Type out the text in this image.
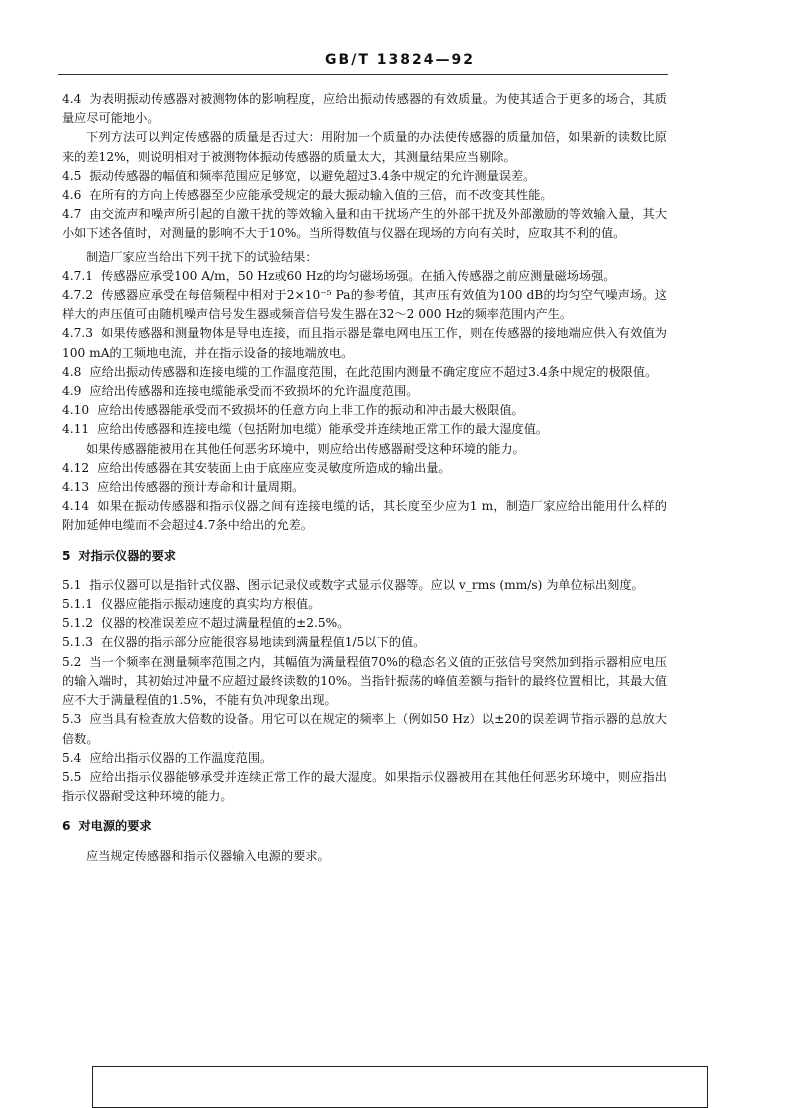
GB/T 13824—92

4.4 为表明振动传感器对被测物体的影响程度，应给出振动传感器的有效质量。为使其适合于更多的场合，其质量应尽可能地小。

下列方法可以判定传感器的质量是否过大：用附加一个质量的办法使传感器的质量加倍，如果新的读数比原来的差12%，则说明相对于被测物体振动传感器的质量太大，其测量结果应当剔除。

4.5 振动传感器的幅值和频率范围应足够宽，以避免超过3.4条中规定的允许测量误差。

4.6 在所有的方向上传感器至少应能承受规定的最大振动输入值的三倍，而不改变其性能。

4.7 由交流声和噪声所引起的自激干扰的等效输入量和由干扰场产生的外部干扰及外部激励的等效输入量，其大小如下述各值时，对测量的影响不大于10%。当所得数值与仪器在现场的方向有关时，应取其不利的值。

制造厂家应当给出下列干扰下的试验结果：

4.7.1 传感器应承受100 A/m，50 Hz或60 Hz的均匀磁场场强。在插入传感器之前应测量磁场场强。

4.7.2 传感器应承受在每倍频程中相对于2×10⁻⁵ Pa的参考值，其声压有效值为100 dB的均匀空气噪声场。这样大的声压值可由随机噪声信号发生器或频音信号发生器在32～2 000 Hz的频率范围内产生。

4.7.3 如果传感器和测量物体是导电连接，而且指示器是靠电网电压工作，则在传感器的接地端应供入有效值为100 mA的工频地电流，并在指示设备的接地端放电。

4.8 应给出振动传感器和连接电缆的工作温度范围，在此范围内测量不确定度应不超过3.4条中规定的极限值。

4.9 应给出传感器和连接电缆能承受而不致损坏的允许温度范围。

4.10 应给出传感器能承受而不致损坏的任意方向上非工作的振动和冲击最大极限值。

4.11 应给出传感器和连接电缆（包括附加电缆）能承受并连续地正常工作的最大湿度值。

如果传感器能被用在其他任何恶劣环境中，则应给出传感器耐受这种环境的能力。

4.12 应给出传感器在其安装面上由于底座应变灵敏度所造成的输出量。

4.13 应给出传感器的预计寿命和计量周期。

4.14 如果在振动传感器和指示仪器之间有连接电缆的话，其长度至少应为1 m，制造厂家应给出能用什么样的附加延伸电缆而不会超过4.7条中给出的允差。

5 对指示仪器的要求

5.1 指示仪器可以是指针式仪器、图示记录仪或数字式显示仪器等。应以 v_rms (mm/s) 为单位标出刻度。

5.1.1 仪器应能指示振动速度的真实均方根值。

5.1.2 仪器的校准误差应不超过满量程值的±2.5%。

5.1.3 在仪器的指示部分应能很容易地读到满量程值1/5以下的值。

5.2 当一个频率在测量频率范围之内，其幅值为满量程值70%的稳态名义值的正弦信号突然加到指示器相应电压的输入端时，其初始过冲量不应超过最终读数的10%。当指针振荡的峰值差额与指针的最终位置相比，其最大值应不大于满量程值的1.5%，不能有负冲现象出现。

5.3 应当具有检查放大倍数的设备。用它可以在规定的频率上（例如50 Hz）以±20的误差调节指示器的总放大倍数。

5.4 应给出指示仪器的工作温度范围。

5.5 应给出指示仪器能够承受并连续正常工作的最大湿度。如果指示仪器被用在其他任何恶劣环境中，则应指出指示仪器耐受这种环境的能力。

6 对电源的要求

应当规定传感器和指示仪器输入电源的要求。
